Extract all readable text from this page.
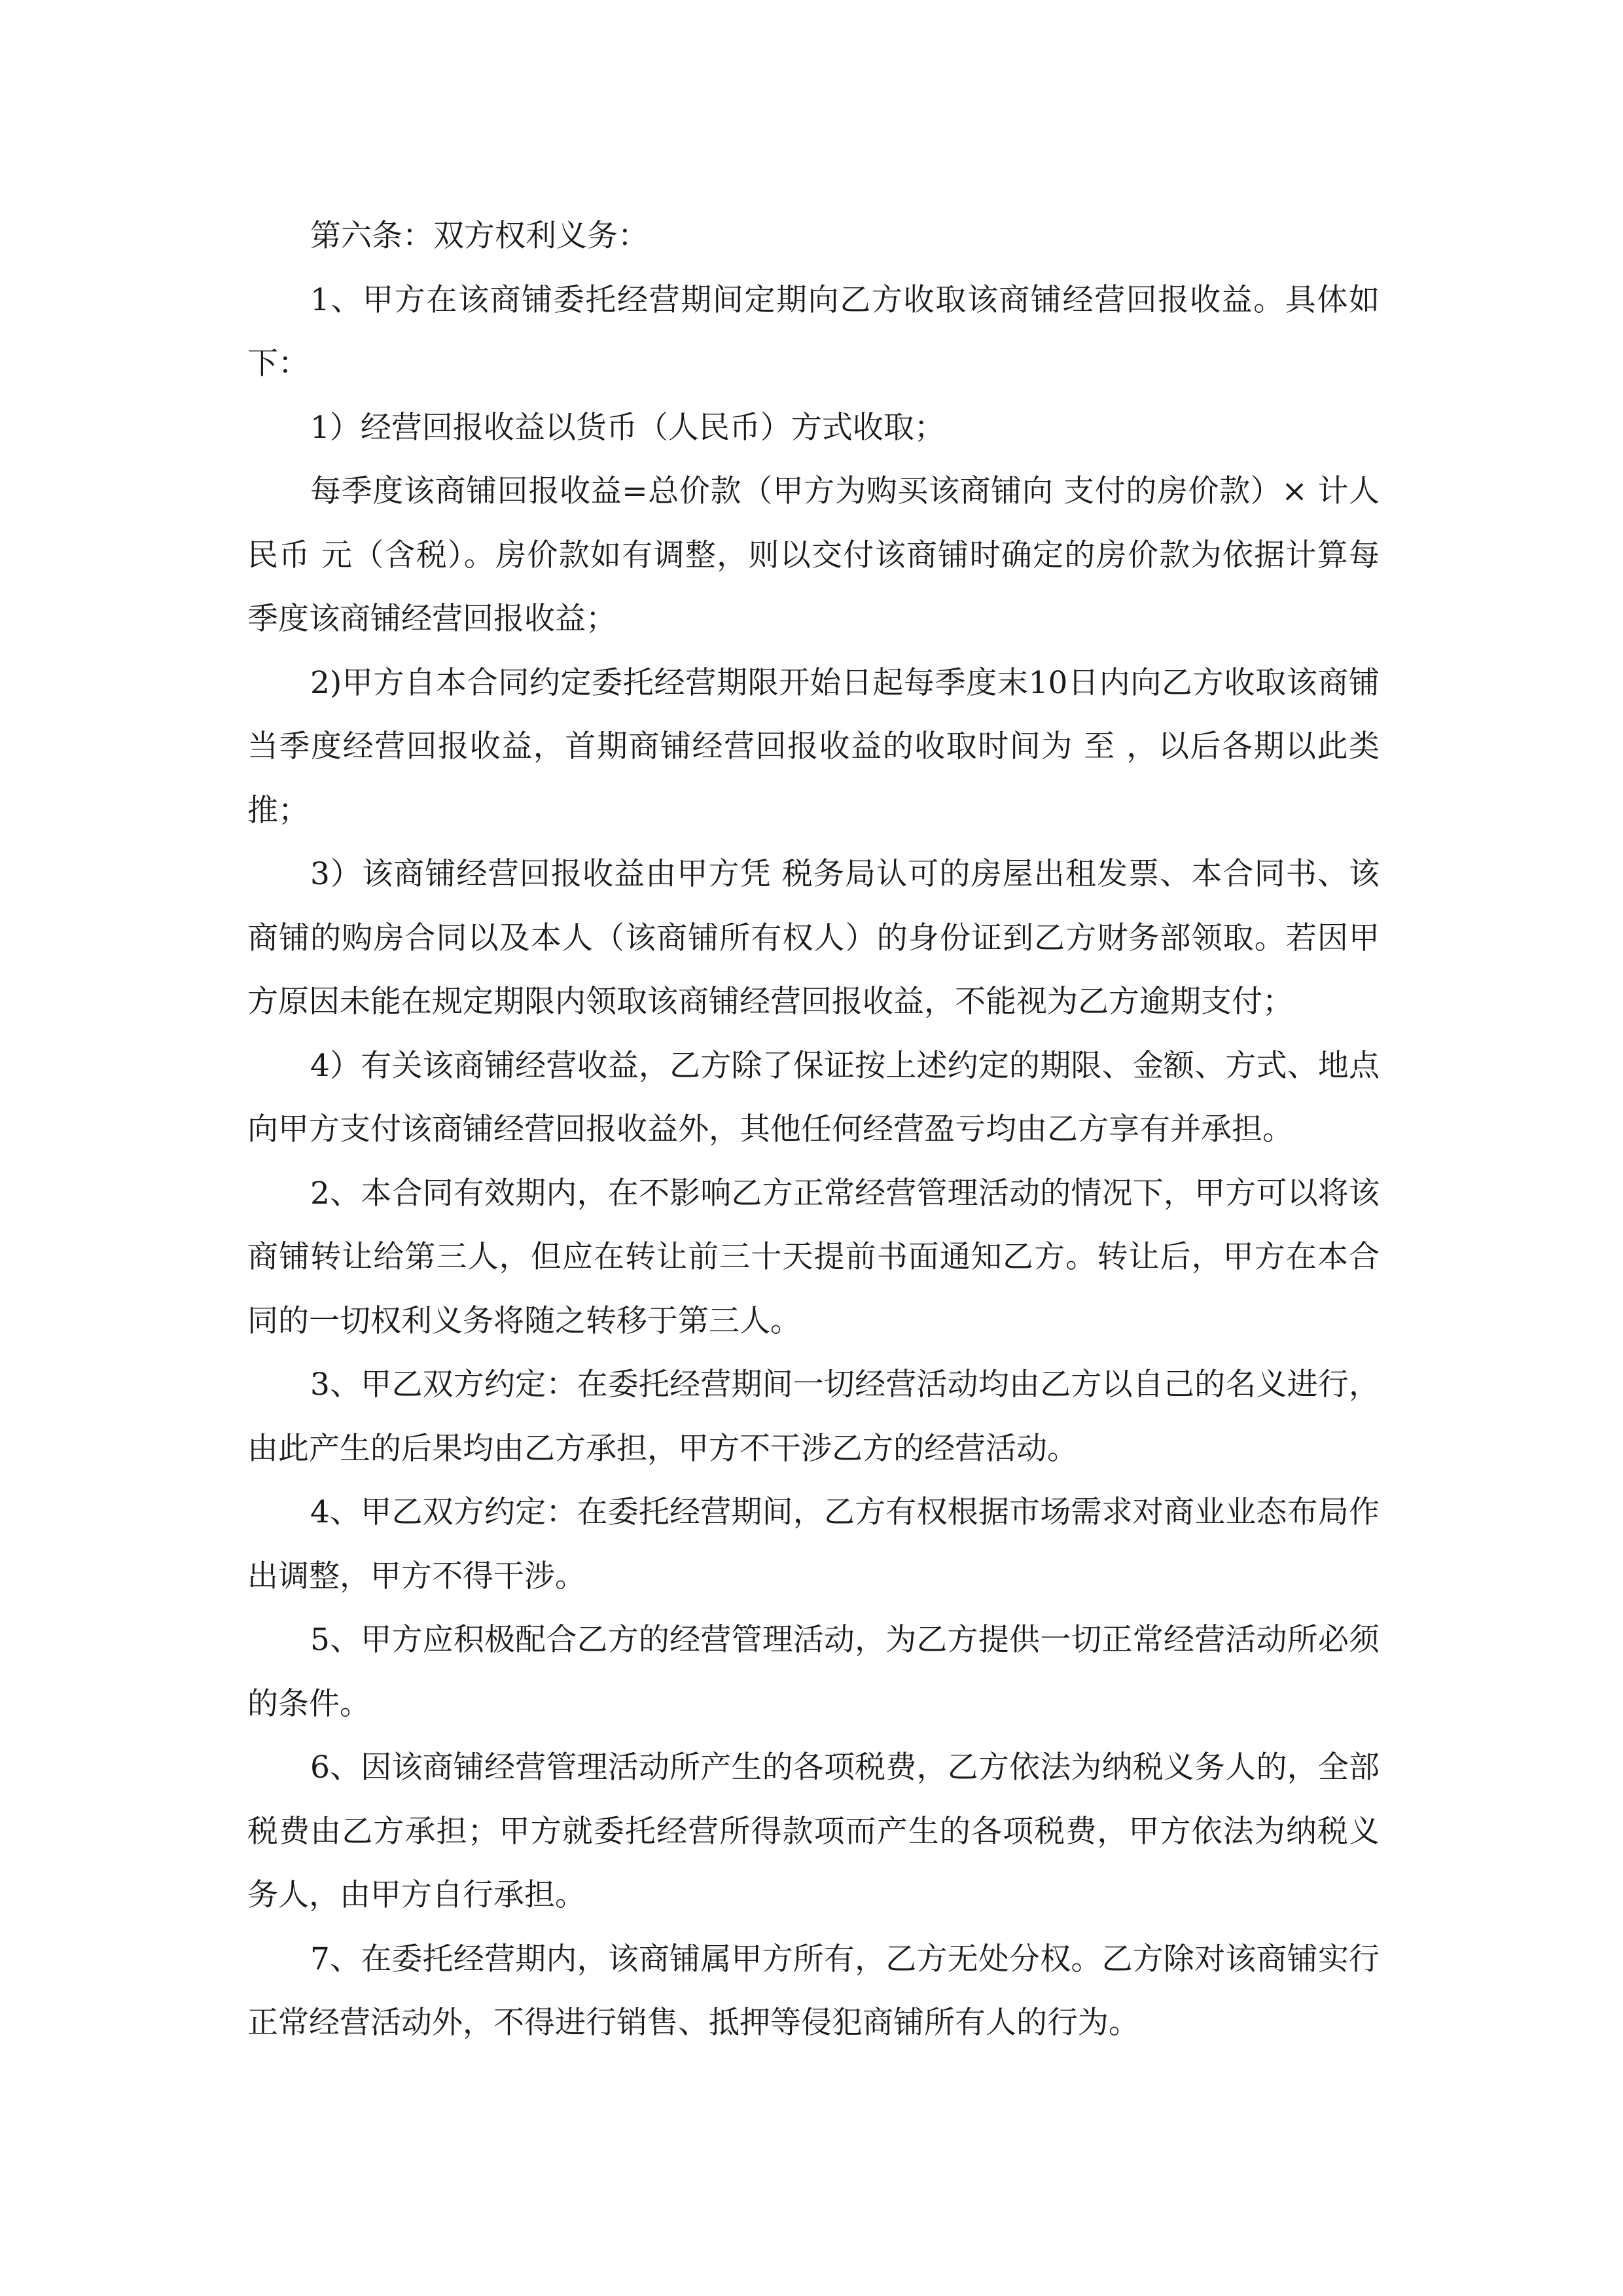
第六条：双方权利义务：

1、甲方在该商铺委托经营期间定期向乙方收取该商铺经营回报收益。具体如下：

1）经营回报收益以货币（人民币）方式收取；

每季度该商铺回报收益=总价款（甲方为购买该商铺向 支付的房价款）× 计人民币 元（含税）。房价款如有调整，则以交付该商铺时确定的房价款为依据计算每季度该商铺经营回报收益；

2)甲方自本合同约定委托经营期限开始日起每季度末10日内向乙方收取该商铺当季度经营回报收益，首期商铺经营回报收益的收取时间为 至 ，以后各期以此类推；

3）该商铺经营回报收益由甲方凭 税务局认可的房屋出租发票、本合同书、该商铺的购房合同以及本人（该商铺所有权人）的身份证到乙方财务部领取。若因甲方原因未能在规定期限内领取该商铺经营回报收益，不能视为乙方逾期支付；

4）有关该商铺经营收益，乙方除了保证按上述约定的期限、金额、方式、地点向甲方支付该商铺经营回报收益外，其他任何经营盈亏均由乙方享有并承担。

2、本合同有效期内，在不影响乙方正常经营管理活动的情况下，甲方可以将该商铺转让给第三人，但应在转让前三十天提前书面通知乙方。转让后，甲方在本合同的一切权利义务将随之转移于第三人。

3、甲乙双方约定：在委托经营期间一切经营活动均由乙方以自己的名义进行，由此产生的后果均由乙方承担，甲方不干涉乙方的经营活动。

4、甲乙双方约定：在委托经营期间，乙方有权根据市场需求对商业业态布局作出调整，甲方不得干涉。

5、甲方应积极配合乙方的经营管理活动，为乙方提供一切正常经营活动所必须的条件。

6、因该商铺经营管理活动所产生的各项税费，乙方依法为纳税义务人的，全部税费由乙方承担；甲方就委托经营所得款项而产生的各项税费，甲方依法为纳税义务人，由甲方自行承担。

7、在委托经营期内，该商铺属甲方所有，乙方无处分权。乙方除对该商铺实行正常经营活动外，不得进行销售、抵押等侵犯商铺所有人的行为。
